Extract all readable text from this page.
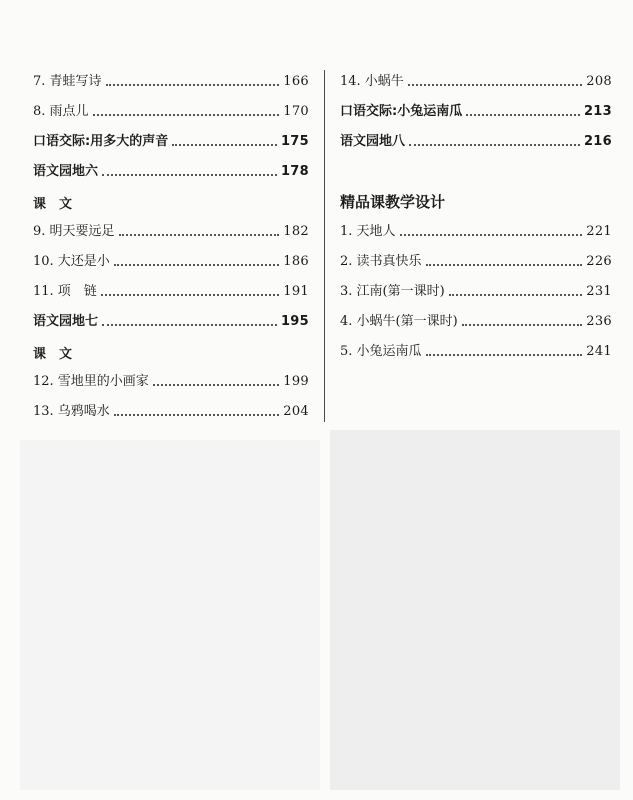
7. 青蛙写诗	166
8. 雨点儿	170
口语交际:用多大的声音	175
语文园地六	178
课　文
9. 明天要远足	182
10. 大还是小	186
11. 项　链	191
语文园地七	195
课　文
12. 雪地里的小画家	199
13. 乌鸦喝水	204
14. 小蜗牛	208
口语交际:小兔运南瓜	213
语文园地八	216
精品课教学设计
1. 天地人	221
2. 读书真快乐	226
3. 江南(第一课时)	231
4. 小蜗牛(第一课时)	236
5. 小兔运南瓜	241
